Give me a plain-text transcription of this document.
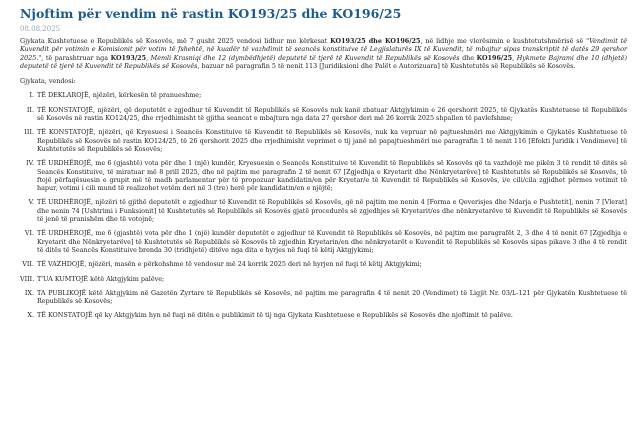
Njoftim për vendim në rastin KO193/25 dhe KO196/25
08.08.2025
Gjykata Kushtetuese e Republikës së Kosovës, më 7 gusht 2025 vendosi lidhur me kërkesat KO193/25 dhe KO196/25, në lidhje me vlerësimin e kushtetutshmërisë së "Vendimit të Kuvendit për votimin e Komisionit për votim të fshehtë, në kuadër të vazhdimit të seancës konstituive të Legjislaturës IX të Kuvendit, të mbajtur sipas transkriptit të datës 29 qershor 2025.", të parashtruar nga KO193/25, Memli Krasniqi dhe 12 (dymbëdhjetë) deputetë të tjerë të Kuvendit të Republikës së Kosovës dhe KO196/25, Hykmete Bajrami dhe 10 (dhjetë) deputetë të tjerë të Kuvendit të Republikës së Kosovës, bazuar në paragrafin 5 të nenit 113 [Juridiksioni dhe Palët e Autorizuara] të Kushtetutës së Republikës së Kosovës.
Gjykata, vendosi:
I. TË DEKLAROJË, njëzëri, kërkesën të pranueshme;
II. TË KONSTATOJË, njëzëri, që deputetët e zgjedhur të Kuvendit të Republikës së Kosovës nuk kanë zbatuar Aktgjykimin e 26 qershorit 2025, të Gjykatës Kushtetuese të Republikës së Kosovës në rastin KO124/25, dhe rrjedhimisht të gjitha seancat e mbajtura nga data 27 qershor deri më 26 korrik 2025 shpallen të pavlefshme;
III. TË KONSTATOJË, njëzëri, që Kryesuesi i Seancës Konstituive të Kuvendit të Republikës së Kosovës, nuk ka vepruar në pajtueshmëri me Aktgjykimin e Gjykatës Kushtetuese të Republikës së Kosovës në rastin KO124/25, të 26 qershorit 2025 dhe rrjedhimisht veprimet e tij janë në papajtueshmëri me paragrafin 1 të nenit 116 [Efekti Juridik i Vendimeve] të Kushtetutës së Republikës së Kosovës;
IV. TË URDHËROJË, me 6 (gjashtë) vota për dhe 1 (një) kundër, Kryesuesin e Seancës Konstituive të Kuvendit të Republikës së Kosovës që ta vazhdojë me pikën 3 të rendit të ditës së Seancës Konstituive, të miratuar më 8 prill 2025, dhe në pajtim me paragrafin 2 të nenit 67 [Zgjedhja e Kryetarit dhe Nënkryetarëve] të Kushtetutës së Republikës së Kosovës, të ftojë përfaqësuesin e grupit më të madh parlamentar për të propozuar kandidatin/en për Kryetar/e të Kuvendit të Republikës së Kosovës, i/e cili/cila zgjidhet përmes votimit të hapur, votimi i cili mund të realizohet vetëm deri në 3 (tre) herë për kandidatin/en e njëjtë;
V. TË URDHËROJË, njëzëri të gjithë deputetët e zgjedhur të Kuvendit të Republikës së Kosovës, që në pajtim me nenin 4 [Forma e Qeverisjes dhe Ndarja e Pushtetit], nenin 7 [Vlerat] dhe nenin 74 [Ushtrimi i Funksionit] të Kushtetutës së Republikës së Kosovës gjatë procedurës së zgjedhjes së Kryetarit/es dhe nënkryetarëve të Kuvendit të Republikës së Kosovës të jenë të pranishëm dhe të votojnë;
VI. TË URDHËROJË, me 6 (gjashtë) vota për dhe 1 (një) kundër deputetët e zgjedhur të Kuvendit të Republikës së Kosovës, në pajtim me paragrafët 2, 3 dhe 4 të nenit 67 [Zgjedhja e Kryetarit dhe Nënkryetarëve] të Kushtetutës së Republikës së Kosovës të zgjedhin Kryetarin/en dhe nënkryetarët e Kuvendit të Republikës së Kosovës sipas pikave 3 dhe 4 të rendit të ditës të Seancës Konstituive brenda 30 (tridhjetë) ditëve nga dita e hyrjes në fuqi të këtij Aktgjykimi;
VII. TË VAZHDOJË, njëzëri, masën e përkohshme të vendosur më 24 korrik 2025 deri në hyrjen në fuqi të këtij Aktgjykimi;
VIII. T'UA KUMTOJË këtë Aktgjykim palëve;
IX. TA PUBLIKOJË këtë Aktgjykim në Gazetën Zyrtare të Republikës së Kosovës, në pajtim me paragrafin 4 të nenit 20 (Vendimet) të Ligjit Nr. 03/L-121 për Gjykatën Kushtetuese të Republikës së Kosovës;
X. TË KONSTATOJË që ky Aktgjykim hyn në fuqi në ditën e publikimit të tij nga Gjykata Kushtetuese e Republikës së Kosovës dhe njoftimit të palëve.
